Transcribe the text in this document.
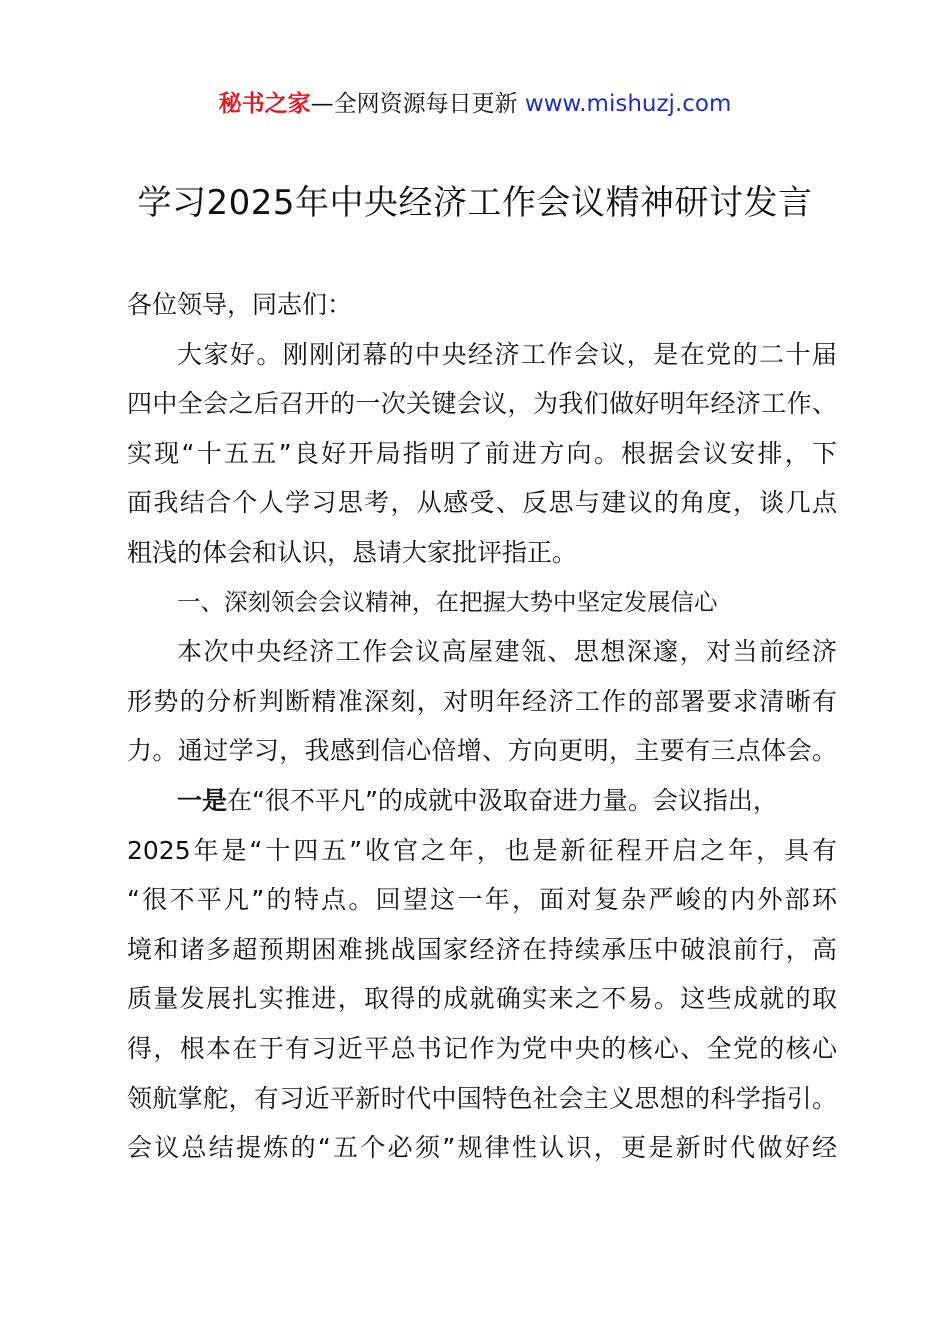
秘书之家—全网资源每日更新 www.mishuzj.com
学习2025年中央经济工作会议精神研讨发言
各位领导，同志们：
大家好。刚刚闭幕的中央经济工作会议，是在党的二十届
四中全会之后召开的一次关键会议，为我们做好明年经济工作、
实现“十五五”良好开局指明了前进方向。根据会议安排，下
面我结合个人学习思考，从感受、反思与建议的角度，谈几点
粗浅的体会和认识，恳请大家批评指正。
一、深刻领会会议精神，在把握大势中坚定发展信心
本次中央经济工作会议高屋建瓴、思想深邃，对当前经济
形势的分析判断精准深刻，对明年经济工作的部署要求清晰有
力。通过学习，我感到信心倍增、方向更明，主要有三点体会。
一是在“很不平凡”的成就中汲取奋进力量。会议指出，
2025年是“十四五”收官之年，也是新征程开启之年，具有
“很不平凡”的特点。回望这一年，面对复杂严峻的内外部环
境和诸多超预期困难挑战国家经济在持续承压中破浪前行，高
质量发展扎实推进，取得的成就确实来之不易。这些成就的取
得，根本在于有习近平总书记作为党中央的核心、全党的核心
领航掌舵，有习近平新时代中国特色社会主义思想的科学指引。
会议总结提炼的“五个必须”规律性认识，更是新时代做好经
